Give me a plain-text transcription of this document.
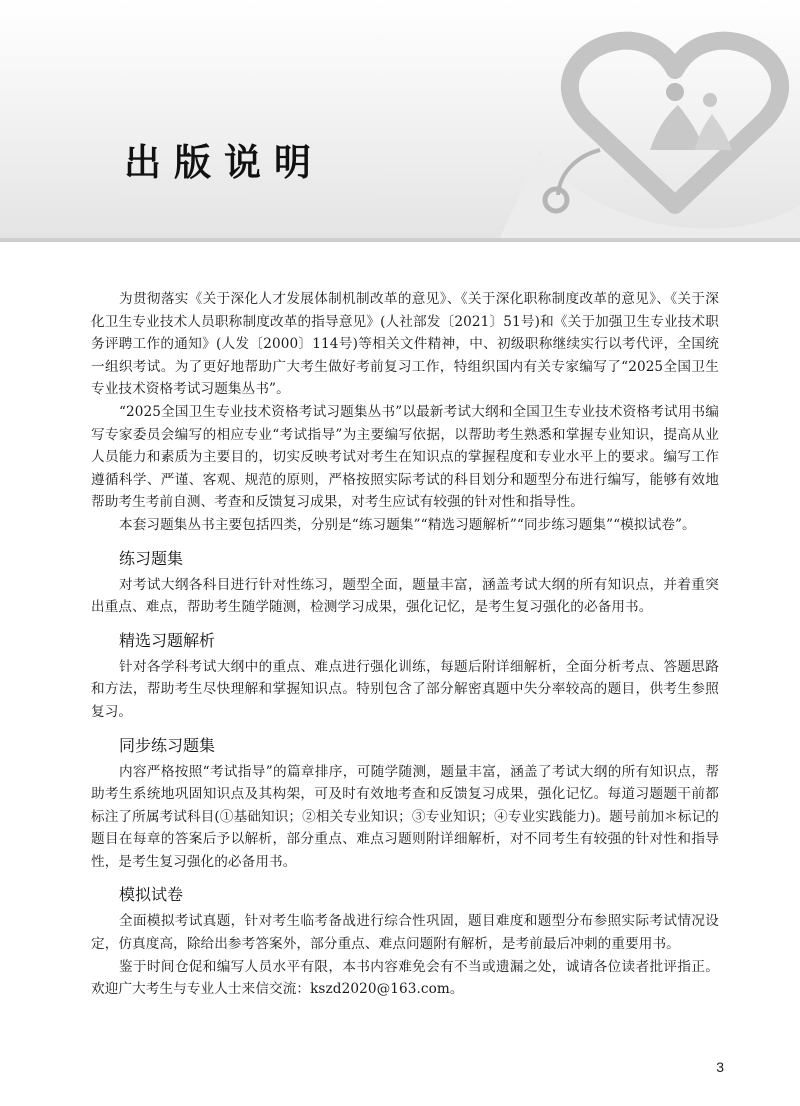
出版说明

为贯彻落实《关于深化人才发展体制机制改革的意见》、《关于深化职称制度改革的意见》、《关于深化卫生专业技术人员职称制度改革的指导意见》(人社部发〔2021〕51号)和《关于加强卫生专业技术职务评聘工作的通知》(人发〔2000〕114号)等相关文件精神，中、初级职称继续实行以考代评，全国统一组织考试。为了更好地帮助广大考生做好考前复习工作，特组织国内有关专家编写了“2025全国卫生专业技术资格考试习题集丛书”。

“2025全国卫生专业技术资格考试习题集丛书”以最新考试大纲和全国卫生专业技术资格考试用书编写专家委员会编写的相应专业“考试指导”为主要编写依据，以帮助考生熟悉和掌握专业知识，提高从业人员能力和素质为主要目的，切实反映考试对考生在知识点的掌握程度和专业水平上的要求。编写工作遵循科学、严谨、客观、规范的原则，严格按照实际考试的科目划分和题型分布进行编写，能够有效地帮助考生考前自测、考查和反馈复习成果，对考生应试有较强的针对性和指导性。

本套习题集丛书主要包括四类，分别是“练习题集”“精选习题解析”“同步练习题集”“模拟试卷”。

练习题集

对考试大纲各科目进行针对性练习，题型全面，题量丰富，涵盖考试大纲的所有知识点，并着重突出重点、难点，帮助考生随学随测，检测学习成果，强化记忆，是考生复习强化的必备用书。

精选习题解析

针对各学科考试大纲中的重点、难点进行强化训练，每题后附详细解析，全面分析考点、答题思路和方法，帮助考生尽快理解和掌握知识点。特别包含了部分解密真题中失分率较高的题目，供考生参照复习。

同步练习题集

内容严格按照“考试指导”的篇章排序，可随学随测，题量丰富，涵盖了考试大纲的所有知识点，帮助考生系统地巩固知识点及其构架，可及时有效地考查和反馈复习成果，强化记忆。每道习题题干前都标注了所属考试科目(①基础知识；②相关专业知识；③专业知识；④专业实践能力)。题号前加＊标记的题目在每章的答案后予以解析，部分重点、难点习题则附详细解析，对不同考生有较强的针对性和指导性，是考生复习强化的必备用书。

模拟试卷

全面模拟考试真题，针对考生临考备战进行综合性巩固，题目难度和题型分布参照实际考试情况设定，仿真度高，除给出参考答案外，部分重点、难点问题附有解析，是考前最后冲刺的重要用书。

鉴于时间仓促和编写人员水平有限，本书内容难免会有不当或遗漏之处，诚请各位读者批评指正。欢迎广大考生与专业人士来信交流：kszd2020@163.com。

3
